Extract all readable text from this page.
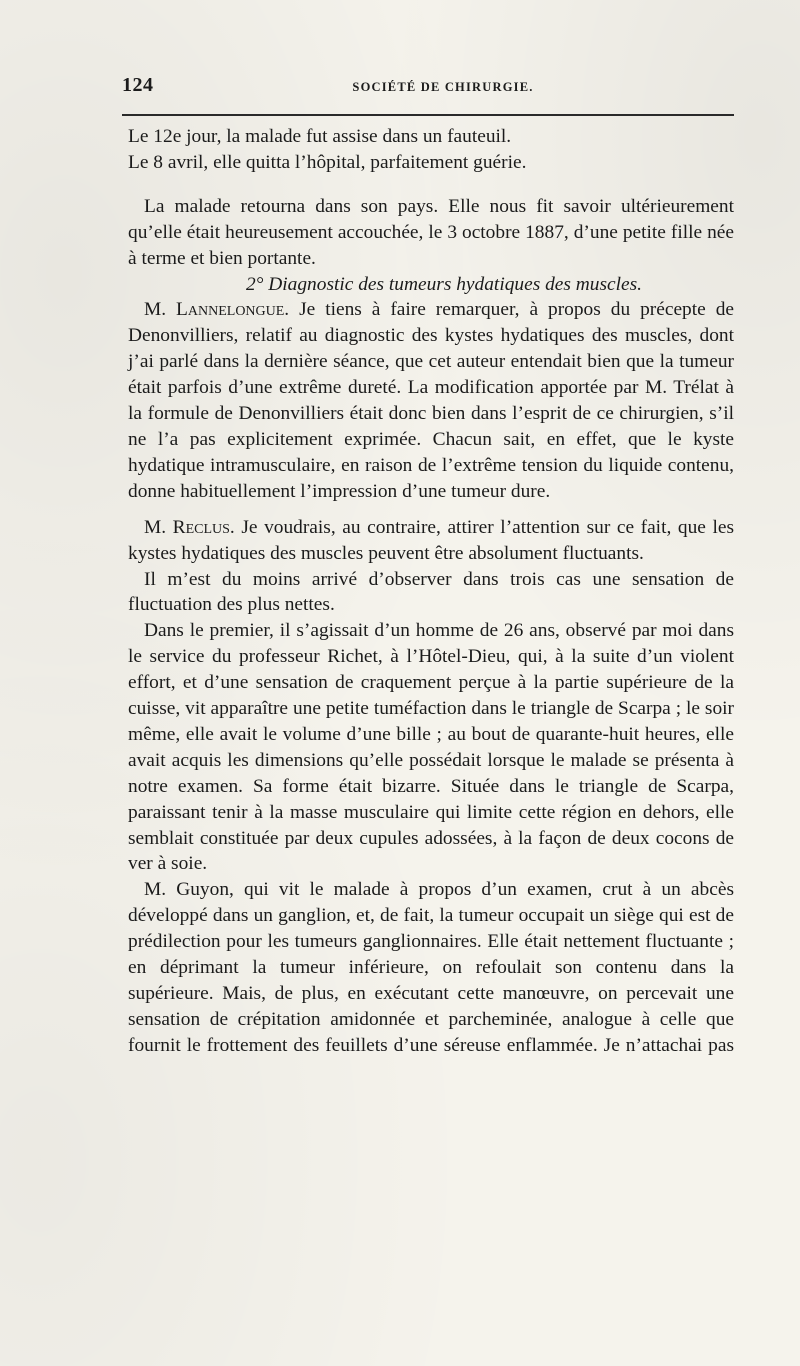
124	SOCIÉTÉ DE CHIRURGIE.

Le 12e jour, la malade fut assise dans un fauteuil.

Le 8 avril, elle quitta l’hôpital, parfaitement guérie.

La malade retourna dans son pays. Elle nous fit savoir ultérieurement qu’elle était heureusement accouchée, le 3 octobre 1887, d’une petite fille née à terme et bien portante.

2° Diagnostic des tumeurs hydatiques des muscles.

M. Lannelongue. Je tiens à faire remarquer, à propos du précepte de Denonvilliers, relatif au diagnostic des kystes hydatiques des muscles, dont j’ai parlé dans la dernière séance, que cet auteur entendait bien que la tumeur était parfois d’une extrême dureté. La modification apportée par M. Trélat à la formule de Denonvilliers était donc bien dans l’esprit de ce chirurgien, s’il ne l’a pas explicitement exprimée. Chacun sait, en effet, que le kyste hydatique intramusculaire, en raison de l’extrême tension du liquide contenu, donne habituellement l’impression d’une tumeur dure.

M. Reclus. Je voudrais, au contraire, attirer l’attention sur ce fait, que les kystes hydatiques des muscles peuvent être absolument fluctuants.

Il m’est du moins arrivé d’observer dans trois cas une sensation de fluctuation des plus nettes.

Dans le premier, il s’agissait d’un homme de 26 ans, observé par moi dans le service du professeur Richet, à l’Hôtel-Dieu, qui, à la suite d’un violent effort, et d’une sensation de craquement perçue à la partie supérieure de la cuisse, vit apparaître une petite tuméfaction dans le triangle de Scarpa ; le soir même, elle avait le volume d’une bille ; au bout de quarante-huit heures, elle avait acquis les dimensions qu’elle possédait lorsque le malade se présenta à notre examen. Sa forme était bizarre. Située dans le triangle de Scarpa, paraissant tenir à la masse musculaire qui limite cette région en dehors, elle semblait constituée par deux cupules adossées, à la façon de deux cocons de ver à soie.

M. Guyon, qui vit le malade à propos d’un examen, crut à un abcès développé dans un ganglion, et, de fait, la tumeur occupait un siège qui est de prédilection pour les tumeurs ganglionnaires. Elle était nettement fluctuante ; en déprimant la tumeur inférieure, on refoulait son contenu dans la supérieure. Mais, de plus, en exécutant cette manœuvre, on percevait une sensation de crépitation amidonnée et parcheminée, analogue à celle que fournit le frottement des feuillets d’une séreuse enflammée. Je n’attachai pas
